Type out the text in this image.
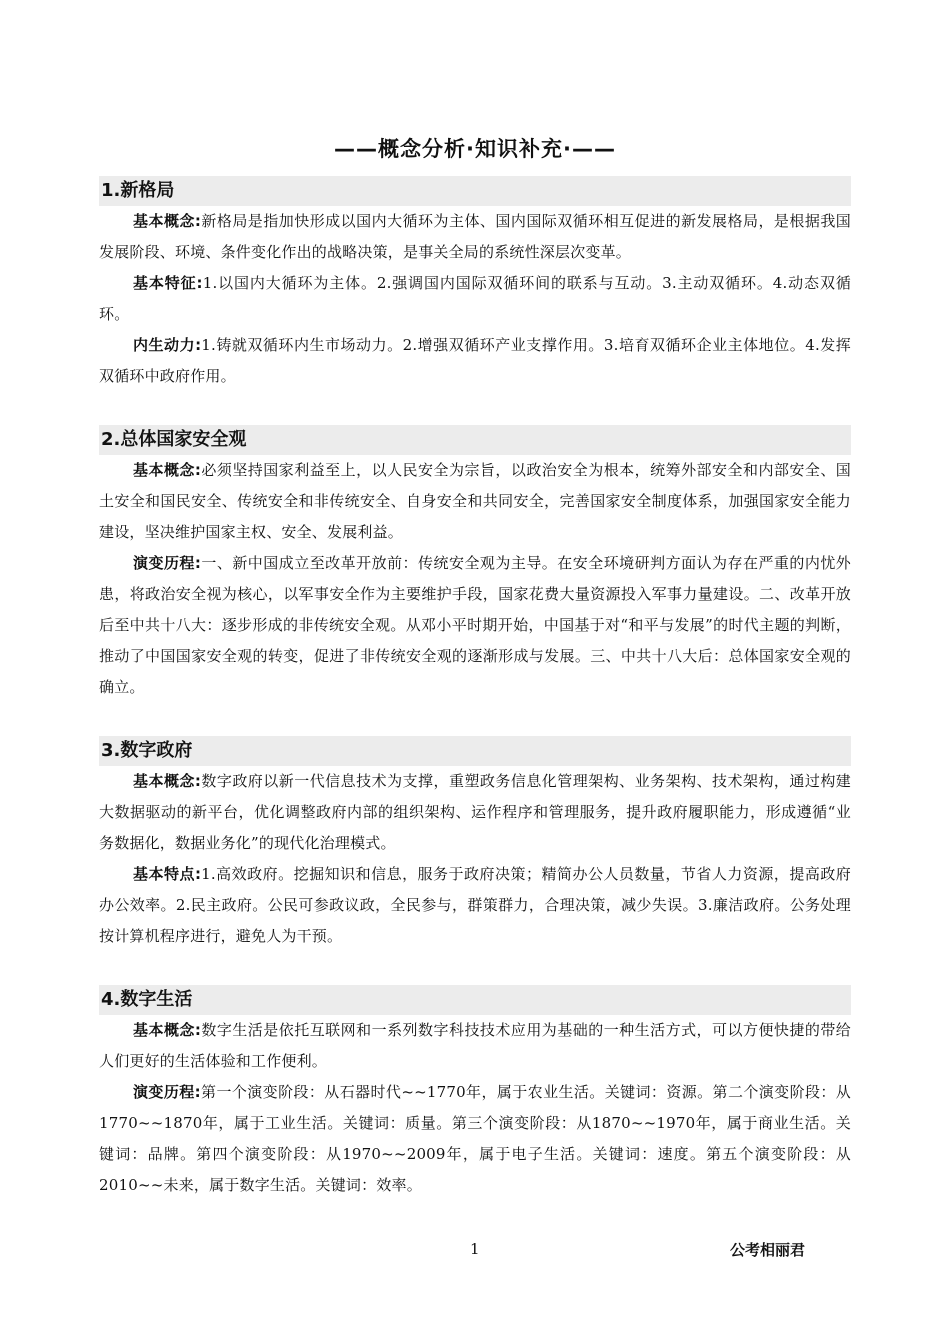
——概念分析·知识补充·——
1.新格局

基本概念:新格局是指加快形成以国内大循环为主体、国内国际双循环相互促进的新发展格局，是根据我国发展阶段、环境、条件变化作出的战略决策，是事关全局的系统性深层次变革。

基本特征:1.以国内大循环为主体。2.强调国内国际双循环间的联系与互动。3.主动双循环。4.动态双循环。

内生动力:1.铸就双循环内生市场动力。2.增强双循环产业支撑作用。3.培育双循环企业主体地位。4.发挥双循环中政府作用。

2.总体国家安全观

基本概念:必须坚持国家利益至上，以人民安全为宗旨，以政治安全为根本，统筹外部安全和内部安全、国土安全和国民安全、传统安全和非传统安全、自身安全和共同安全，完善国家安全制度体系，加强国家安全能力建设，坚决维护国家主权、安全、发展利益。

演变历程:一、新中国成立至改革开放前：传统安全观为主导。在安全环境研判方面认为存在严重的内忧外患，将政治安全视为核心，以军事安全作为主要维护手段，国家花费大量资源投入军事力量建设。二、改革开放后至中共十八大：逐步形成的非传统安全观。从邓小平时期开始，中国基于对“和平与发展”的时代主题的判断，推动了中国国家安全观的转变，促进了非传统安全观的逐渐形成与发展。三、中共十八大后：总体国家安全观的确立。

3.数字政府

基本概念:数字政府以新一代信息技术为支撑，重塑政务信息化管理架构、业务架构、技术架构，通过构建大数据驱动的新平台，优化调整政府内部的组织架构、运作程序和管理服务，提升政府履职能力，形成遵循“业务数据化，数据业务化”的现代化治理模式。

基本特点:1.高效政府。挖掘知识和信息，服务于政府决策；精简办公人员数量，节省人力资源，提高政府办公效率。2.民主政府。公民可参政议政，全民参与，群策群力，合理决策，减少失误。3.廉洁政府。公务处理按计算机程序进行，避免人为干预。

4.数字生活

基本概念:数字生活是依托互联网和一系列数字科技技术应用为基础的一种生活方式，可以方便快捷的带给人们更好的生活体验和工作便利。

演变历程:第一个演变阶段：从石器时代~~1770年，属于农业生活。关键词：资源。第二个演变阶段：从1770~~1870年，属于工业生活。关键词：质量。第三个演变阶段：从1870~~1970年，属于商业生活。关键词：品牌。第四个演变阶段：从1970~~2009年，属于电子生活。关键词：速度。第五个演变阶段：从2010~~未来，属于数字生活。关键词：效率。

1	公考相丽君
